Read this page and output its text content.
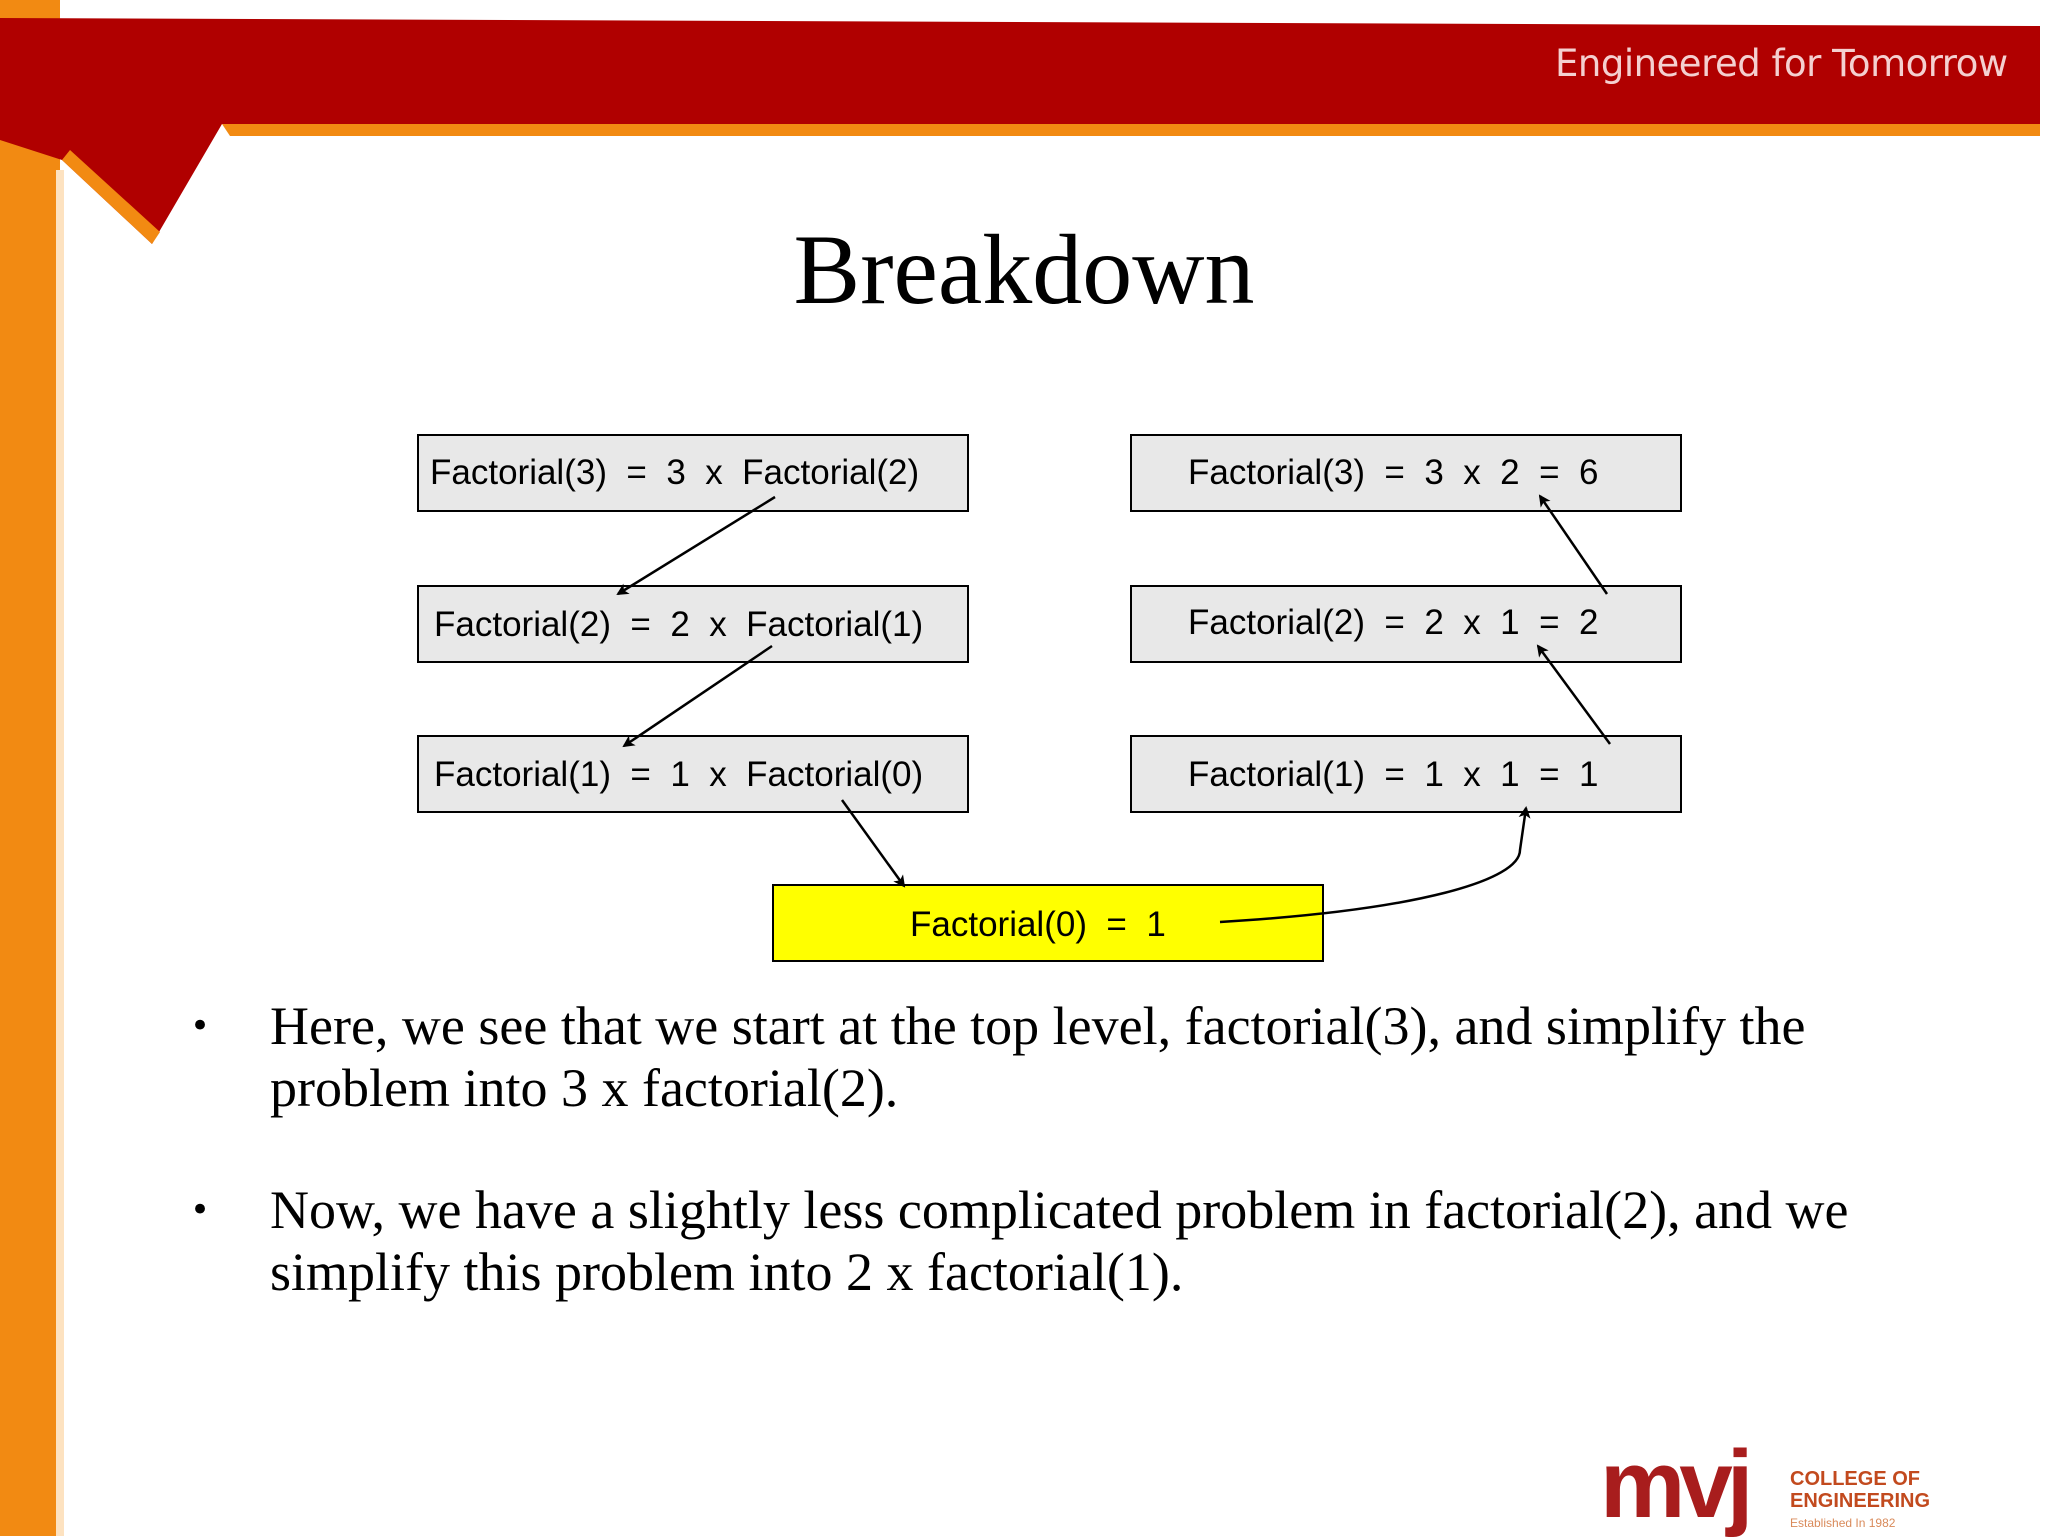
Engineered for Tomorrow
Breakdown
Factorial(3)  =  3  x  Factorial(2)
Factorial(2)  =  2  x  Factorial(1)
Factorial(1)  =  1  x  Factorial(0)
Factorial(3)  =  3  x  2  =  6
Factorial(2)  =  2  x  1  =  2
Factorial(1)  =  1  x  1  =  1
Factorial(0)  =  1
• Here, we see that we start at the top level, factorial(3), and simplify the problem into 3 x factorial(2).
• Now, we have a slightly less complicated problem in factorial(2), and we simplify this problem into 2 x factorial(1).
mvj COLLEGE OF
ENGINEERING
Established In 1982
